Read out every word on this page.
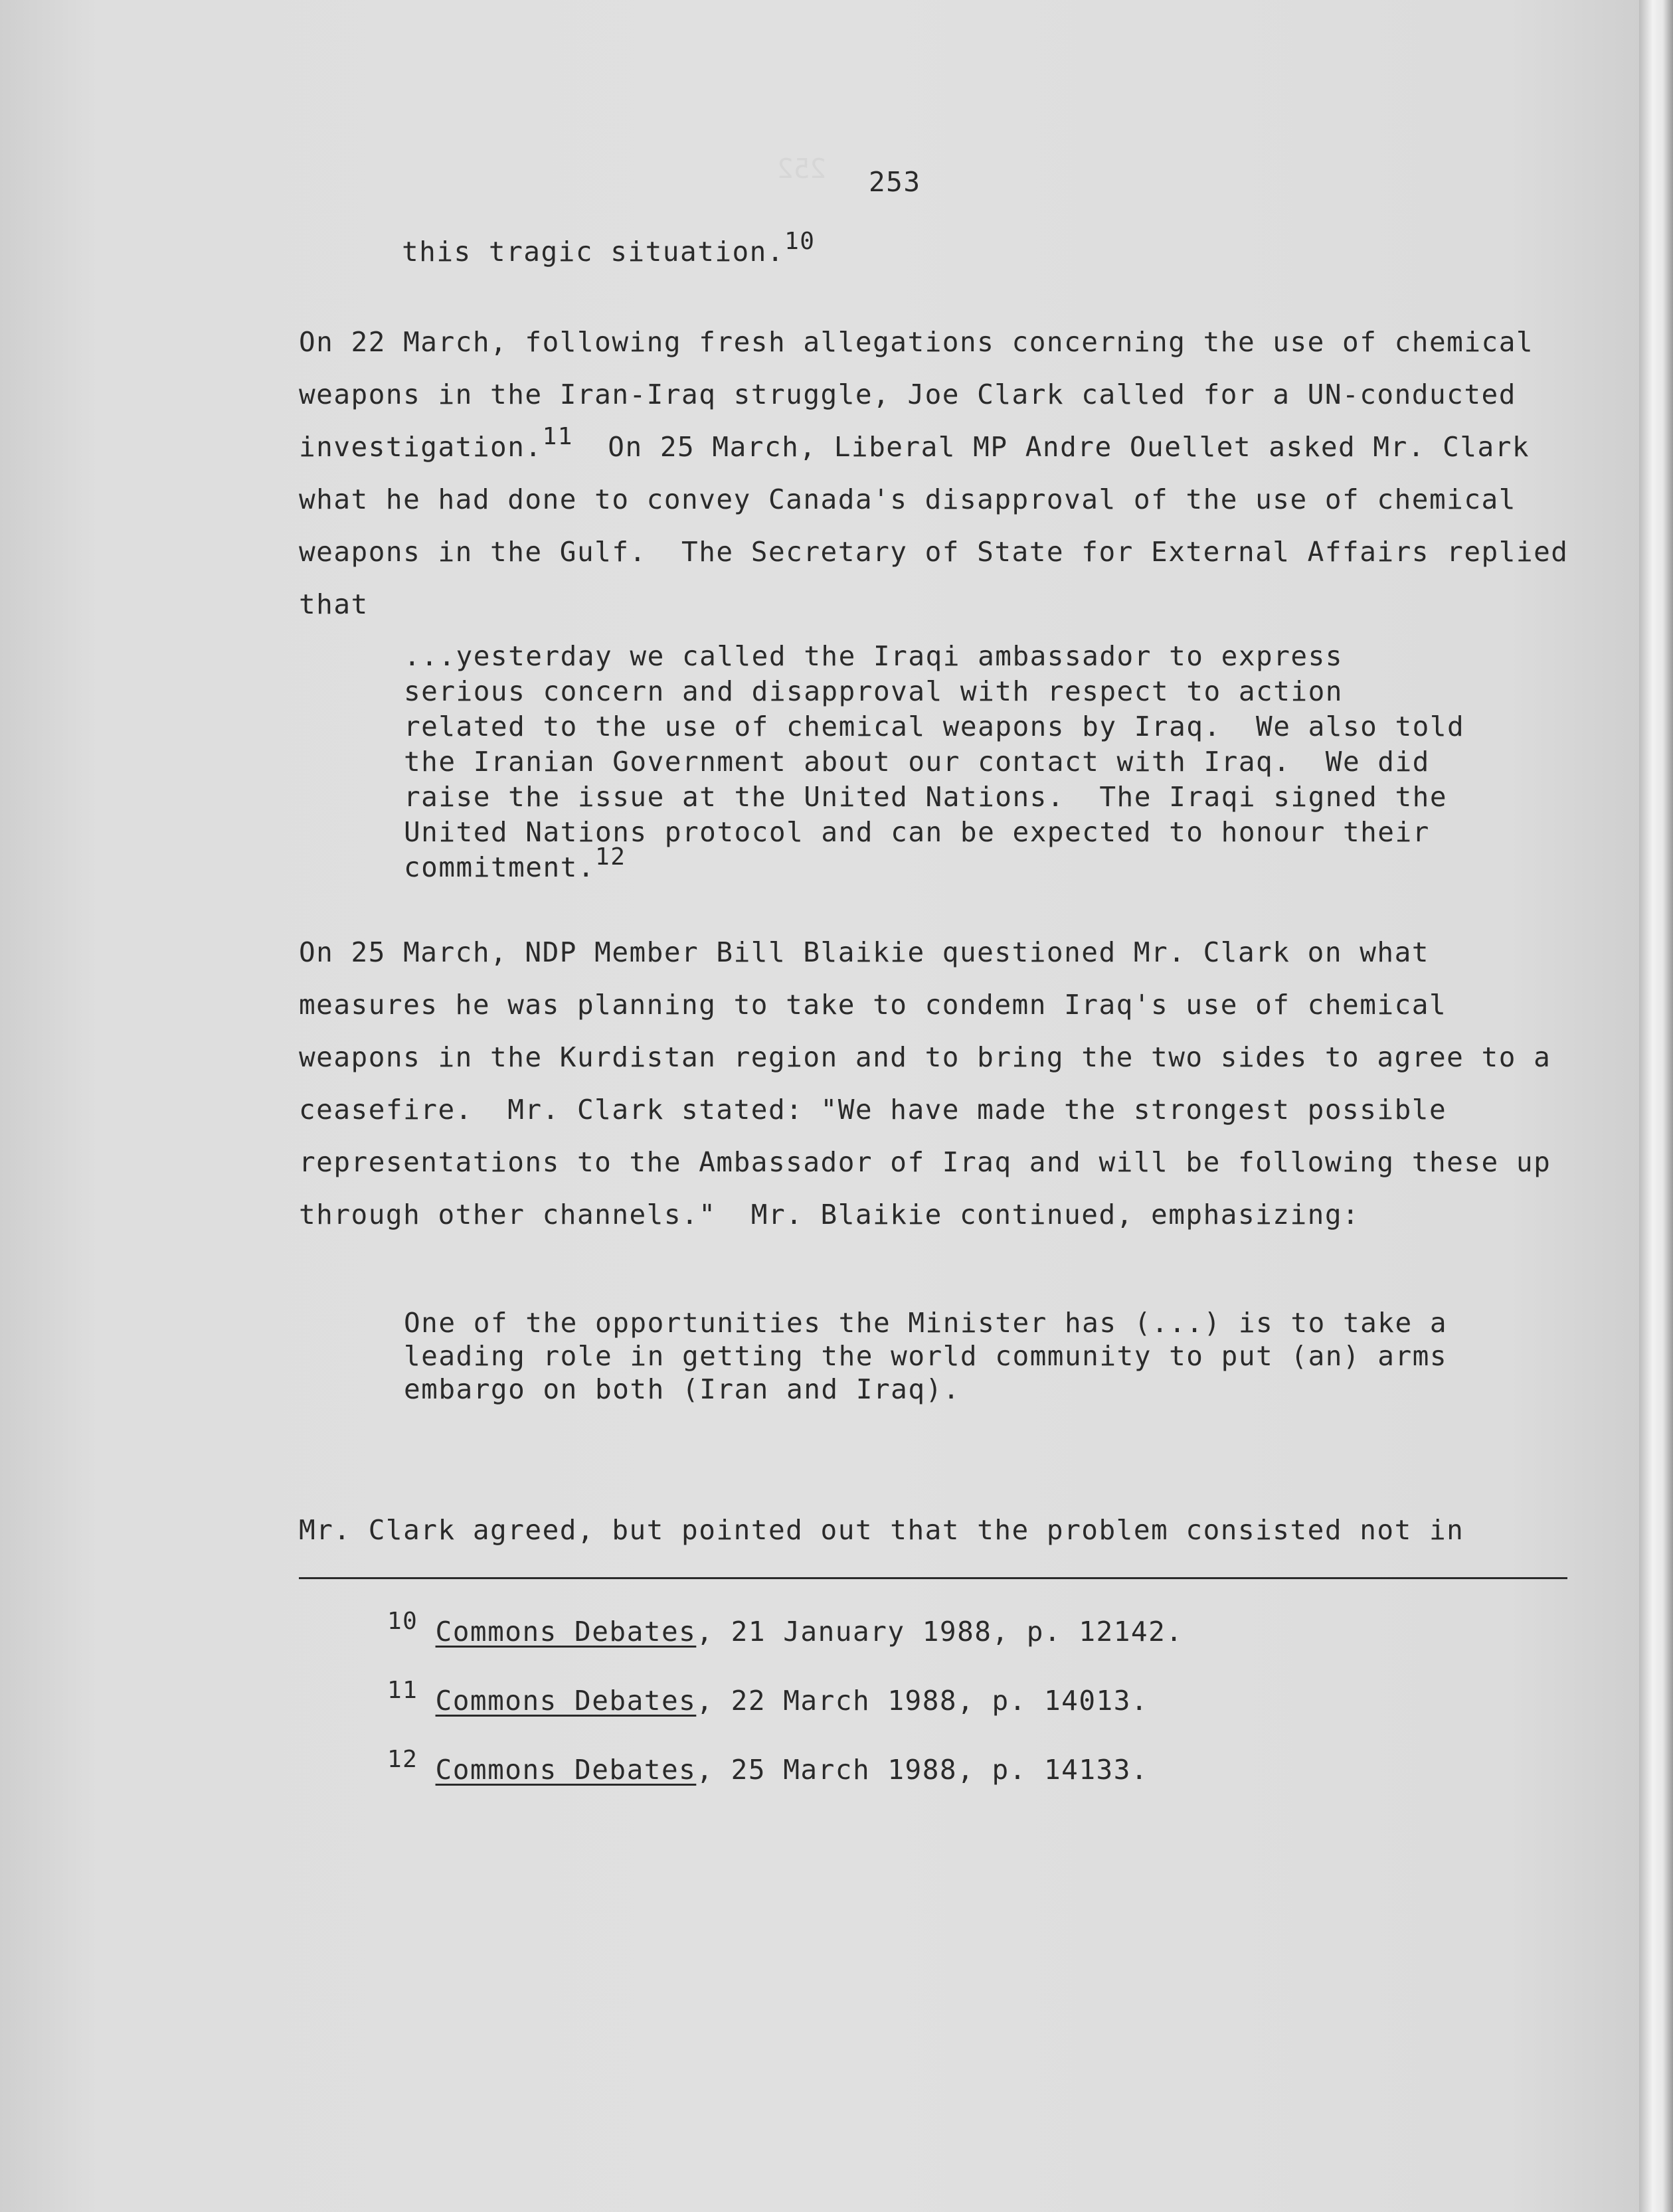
252 253
this tragic situation.10
On 22 March, following fresh allegations concerning the use of chemical
weapons in the Iran-Iraq struggle, Joe Clark called for a UN-conducted
investigation.11  On 25 March, Liberal MP Andre Ouellet asked Mr. Clark
what he had done to convey Canada's disapproval of the use of chemical
weapons in the Gulf.  The Secretary of State for External Affairs replied
that
...yesterday we called the Iraqi ambassador to express
serious concern and disapproval with respect to action
related to the use of chemical weapons by Iraq.  We also told
the Iranian Government about our contact with Iraq.  We did
raise the issue at the United Nations.  The Iraqi signed the
United Nations protocol and can be expected to honour their
commitment.12
On 25 March, NDP Member Bill Blaikie questioned Mr. Clark on what
measures he was planning to take to condemn Iraq's use of chemical
weapons in the Kurdistan region and to bring the two sides to agree to a
ceasefire.  Mr. Clark stated: "We have made the strongest possible
representations to the Ambassador of Iraq and will be following these up
through other channels."  Mr. Blaikie continued, emphasizing:
One of the opportunities the Minister has (...) is to take a
leading role in getting the world community to put (an) arms
embargo on both (Iran and Iraq).
Mr. Clark agreed, but pointed out that the problem consisted not in
10 Commons Debates, 21 January 1988, p. 12142.
11 Commons Debates, 22 March 1988, p. 14013.
12 Commons Debates, 25 March 1988, p. 14133.
